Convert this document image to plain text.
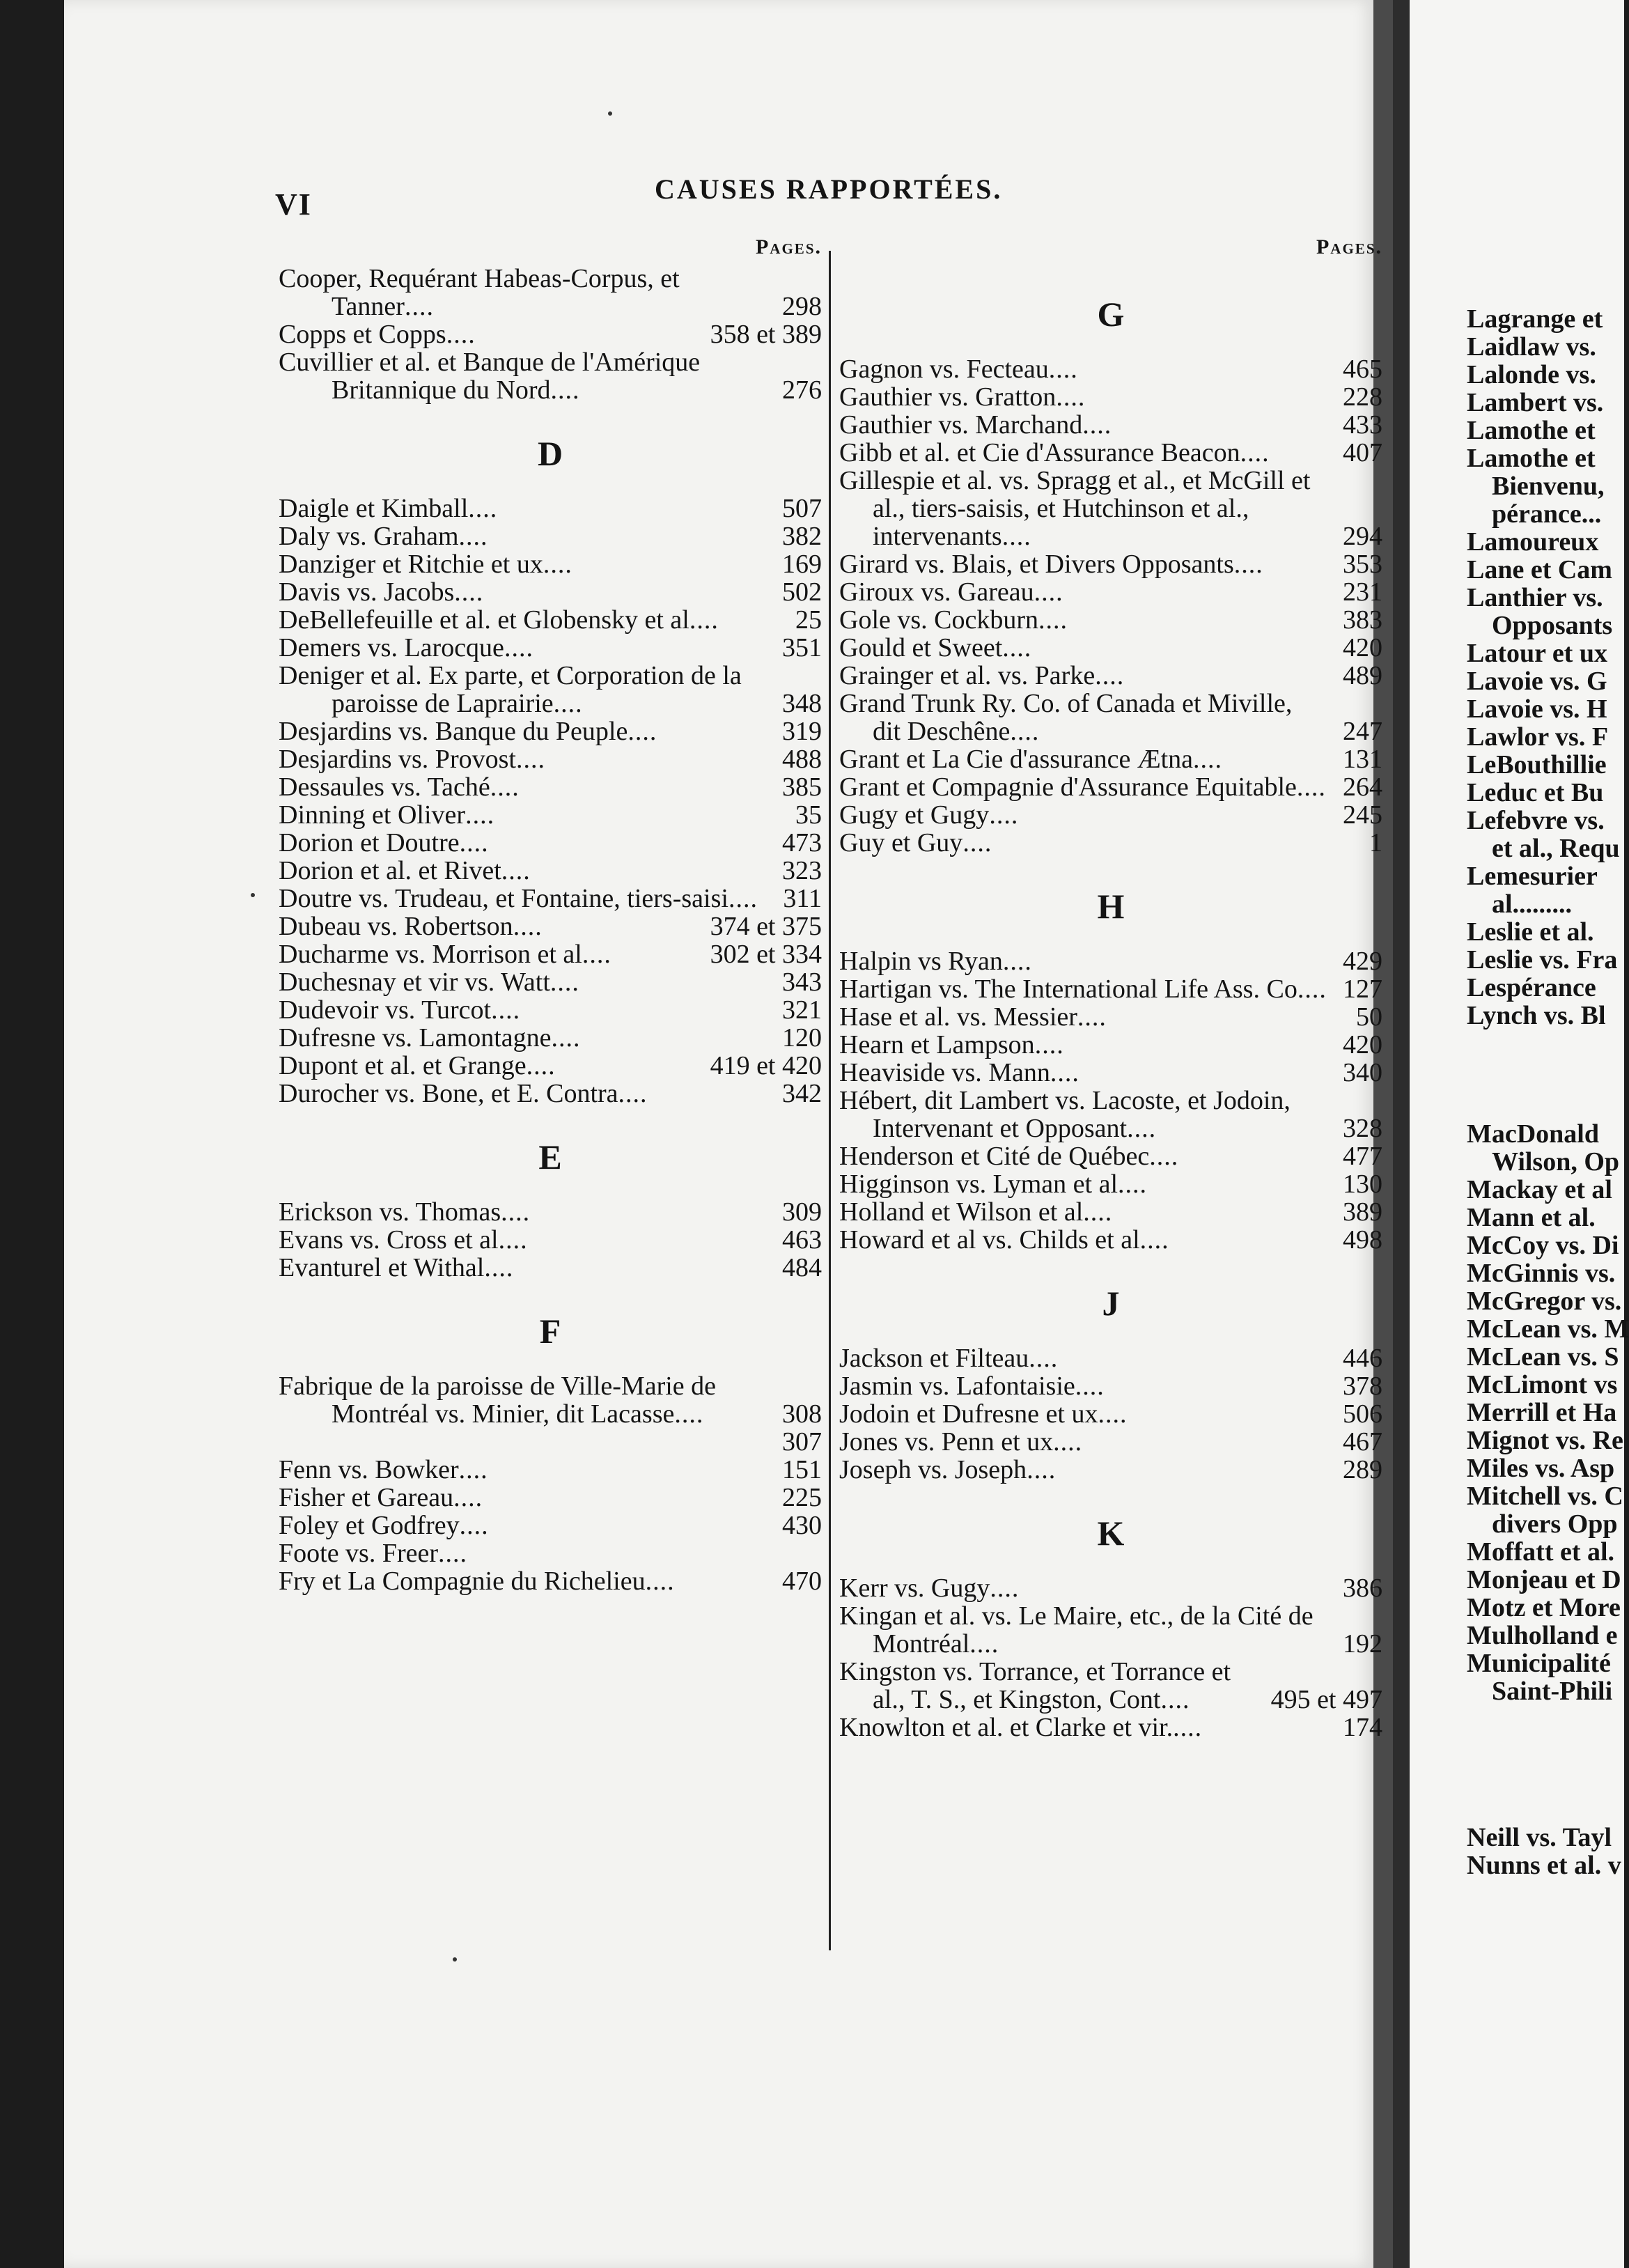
VI	CAUSES RAPPORTÉES.
Pages.
Cooper, Requérant Habeas-Corpus, et Tanner....	298
Copps et Copps....	358 et 389
Cuvillier et al. et Banque de l'Amérique Britannique du Nord....	276
D
Daigle et Kimball....	507
Daly vs. Graham....	382
Danziger et Ritchie et ux....	169
Davis vs. Jacobs....	502
DeBellefeuille et al. et Globensky et al....	25
Demers vs. Larocque....	351
Deniger et al. Ex parte, et Corporation de la paroisse de Laprairie....	348
Desjardins vs. Banque du Peuple....	319
Desjardins vs. Provost....	488
Dessaules vs. Taché....	385
Dinning et Oliver....	35
Dorion et Doutre....	473
Dorion et al. et Rivet....	323
Doutre vs. Trudeau, et Fontaine, tiers-saisi.... 311
Dubeau vs. Robertson....	374 et 375
Ducharme vs. Morrison et al....	302 et 334
Duchesnay et vir vs. Watt....	343
Dudevoir vs. Turcot....	321
Dufresne vs. Lamontagne....	120
Dupont et al. et Grange....	419 et 420
Durocher vs. Bone, et E. Contra....	342
E
Erickson vs. Thomas....	309
Evans vs. Cross et al....	463
Evanturel et Withal....	484
F
Fabrique de la paroisse de Ville-Marie de Montréal vs. Minier, dit Lacasse....	308
307
Fenn vs. Bowker....	151
Fisher et Gareau....	225
Foley et Godfrey....	430
Foote vs. Freer....
Fry et La Compagnie du Richelieu....	470
Pages.
G
Gagnon vs. Fecteau....	465
Gauthier vs. Gratton....	228
Gauthier vs. Marchand....	433
Gibb et al. et Cie d'Assurance Beacon....	407
Gillespie et al. vs. Spragg et al., et McGill et al., tiers-saisis, et Hutchinson et al., intervenants....	294
Girard vs. Blais, et Divers Opposants....	353
Giroux vs. Gareau....	231
Gole vs. Cockburn....	383
Gould et Sweet....	420
Grainger et al. vs. Parke....	489
Grand Trunk Ry. Co. of Canada et Miville, dit Deschêne....	247
Grant et La Cie d'assurance Ætna....	131
Grant et Compagnie d'Assurance Equitable.... 264
Gugy et Gugy....	245
Guy et Guy....	1
H
Halpin vs Ryan....	429
Hartigan vs. The International Life Ass. Co.... 127
Hase et al. vs. Messier....	50
Hearn et Lampson....	420
Heaviside vs. Mann....	340
Hébert, dit Lambert vs. Lacoste, et Jodoin, Intervenant et Opposant....	328
Henderson et Cité de Québec....	477
Higginson vs. Lyman et al....	130
Holland et Wilson et al....	389
Howard et al vs. Childs et al....	498
J
Jackson et Filteau....	446
Jasmin vs. Lafontaisie....	378
Jodoin et Dufresne et ux....	506
Jones vs. Penn et ux....	467
Joseph vs. Joseph....	289
K
Kerr vs. Gugy....	386
Kingan et al. vs. Le Maire, etc., de la Cité de Montréal....	192
Kingston vs. Torrance, et Torrance et al., T. S., et Kingston, Cont....	495 et 497
Knowlton et al. et Clarke et vir.....	174
Lagrange et
Laidlaw vs.
Lalonde vs.
Lambert vs.
Lamothe et
Lamothe et
Bienvenu,
pérance...
Lamoureux
Lane et Cam
Lanthier vs.
Opposants
Latour et ux
Lavoie vs. G
Lavoie vs. H
Lawlor vs. F
LeBouthillie
Leduc et Bu
Lefebvre vs.
et al., Requ
Lemesurier
al.........
Leslie et al.
Leslie vs. Fra
Lespérance
Lynch vs. Bl
MacDonald
Wilson, Op
Mackay et al
Mann et al.
McCoy vs. Di
McGinnis vs.
McGregor vs.
McLean vs. M
McLean vs. S
McLimont vs
Merrill et Ha
Mignot vs. Re
Miles vs. Asp
Mitchell vs. C
divers Opp
Moffatt et al.
Monjeau et D
Motz et More
Mulholland e
Municipalité
Saint-Phili
Neill vs. Tayl
Nunns et al. v
